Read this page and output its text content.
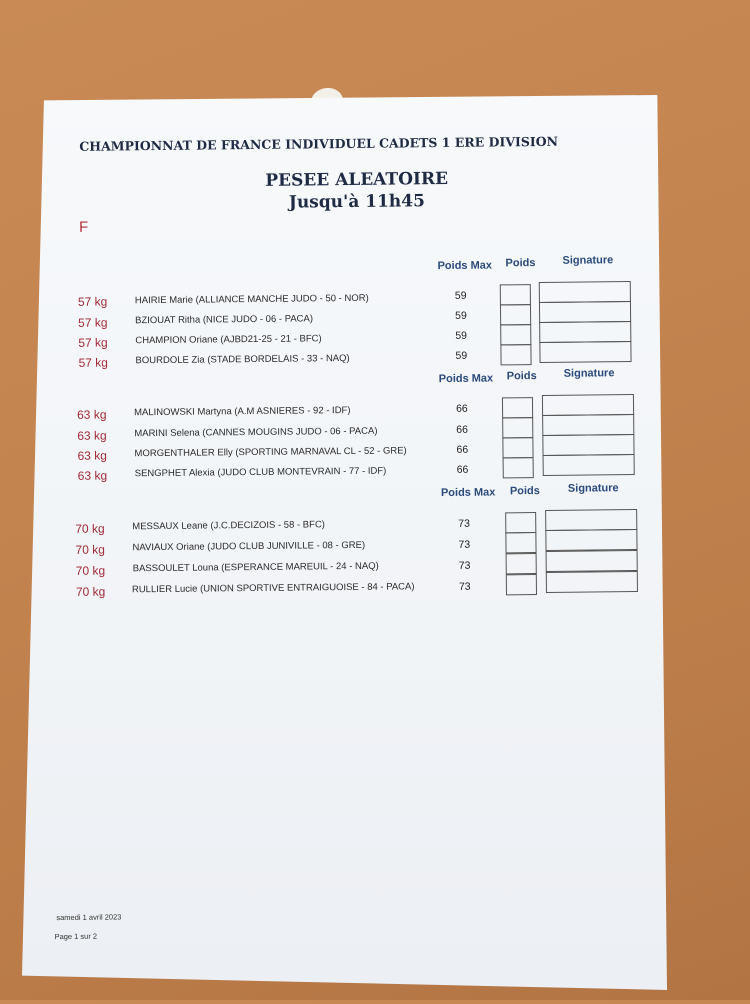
CHAMPIONNAT DE FRANCE INDIVIDUEL CADETS 1 ERE DIVISION
PESEE ALEATOIRE
Jusqu'à 11h45
F
Poids Max Poids Signature
57 kg	HAIRIE Marie (ALLIANCE MANCHE JUDO - 50 - NOR)	59
57 kg	BZIOUAT Ritha (NICE JUDO - 06 - PACA)	59
57 kg	CHAMPION Oriane (AJBD21-25 - 21 - BFC)	59
57 kg	BOURDOLE Zia (STADE BORDELAIS - 33 - NAQ)	59
Poids Max Poids Signature
63 kg	MALINOWSKI Martyna (A.M ASNIERES - 92 - IDF)	66
63 kg	MARINI Selena (CANNES MOUGINS JUDO - 06 - PACA)	66
63 kg	MORGENTHALER Elly (SPORTING MARNAVAL CL - 52 - GRE)	66
63 kg	SENGPHET Alexia (JUDO CLUB MONTEVRAIN - 77 - IDF)	66
Poids Max Poids	Signature
70 kg	MESSAUX Leane (J.C.DECIZOIS - 58 - BFC)	73
70 kg	NAVIAUX Oriane (JUDO CLUB JUNIVILLE - 08 - GRE)	73
70 kg	BASSOULET Louna (ESPERANCE MAREUIL - 24 - NAQ)	73
70 kg	RULLIER Lucie (UNION SPORTIVE ENTRAIGUOISE - 84 - PACA)	73
samedi 1 avril 2023
Page 1 sur 2
